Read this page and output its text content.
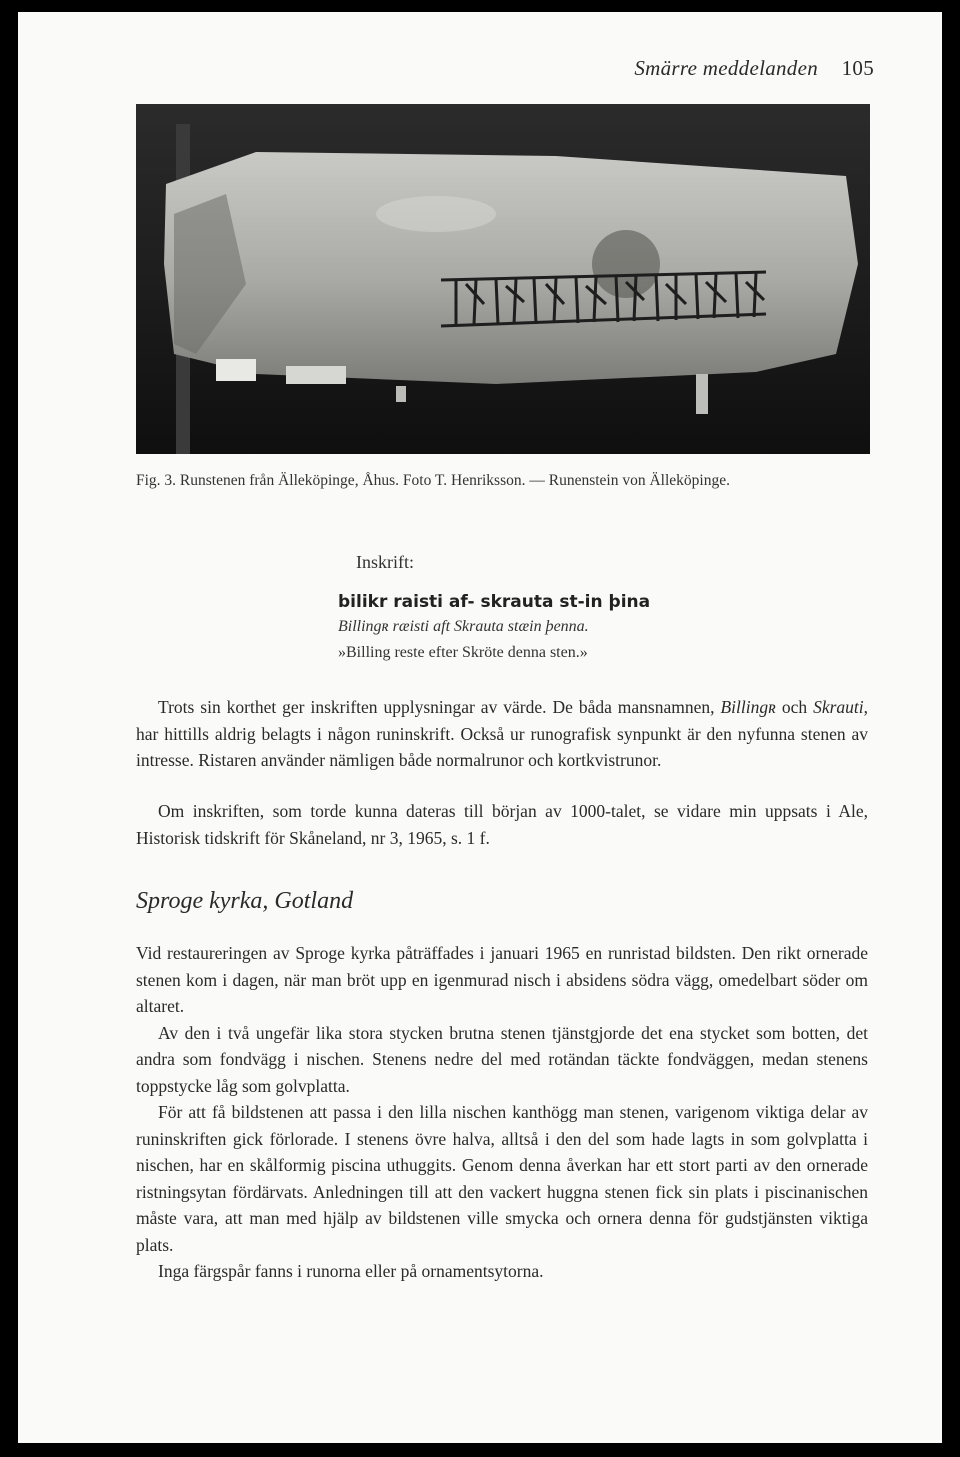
Smärre meddelanden 105
Fig. 3. Runstenen från Älleköpinge, Åhus. Foto T. Henriksson. — Runenstein von Älleköpinge.
Inskrift:
bilikr raisti af- skrauta st-in þina
Billingʀ ræisti aft Skrauta stæin þenna.
»Billing reste efter Skröte denna sten.»

Trots sin korthet ger inskriften upplysningar av värde. De båda mansnamnen, Billingʀ och Skrauti, har hittills aldrig belagts i någon runinskrift. Också ur runografisk synpunkt är den nyfunna stenen av intresse. Ristaren använder nämligen både normalrunor och kortkvistrunor.

Om inskriften, som torde kunna dateras till början av 1000-talet, se vidare min uppsats i Ale, Historisk tidskrift för Skåneland, nr 3, 1965, s. 1 f.

Sproge kyrka, Gotland

Vid restaureringen av Sproge kyrka påträffades i januari 1965 en runristad bildsten. Den rikt ornerade stenen kom i dagen, när man bröt upp en igenmurad nisch i absidens södra vägg, omedelbart söder om altaret.

Av den i två ungefär lika stora stycken brutna stenen tjänstgjorde det ena stycket som botten, det andra som fondvägg i nischen. Stenens nedre del med rotändan täckte fondväggen, medan stenens toppstycke låg som golvplatta.

För att få bildstenen att passa i den lilla nischen kanthögg man stenen, varigenom viktiga delar av runinskriften gick förlorade. I stenens övre halva, alltså i den del som hade lagts in som golvplatta i nischen, har en skålformig piscina uthuggits. Genom denna åverkan har ett stort parti av den ornerade ristningsytan fördärvats. Anledningen till att den vackert huggna stenen fick sin plats i piscinanischen måste vara, att man med hjälp av bildstenen ville smycka och ornera denna för gudstjänsten viktiga plats.

Inga färgspår fanns i runorna eller på ornamentsytorna.
